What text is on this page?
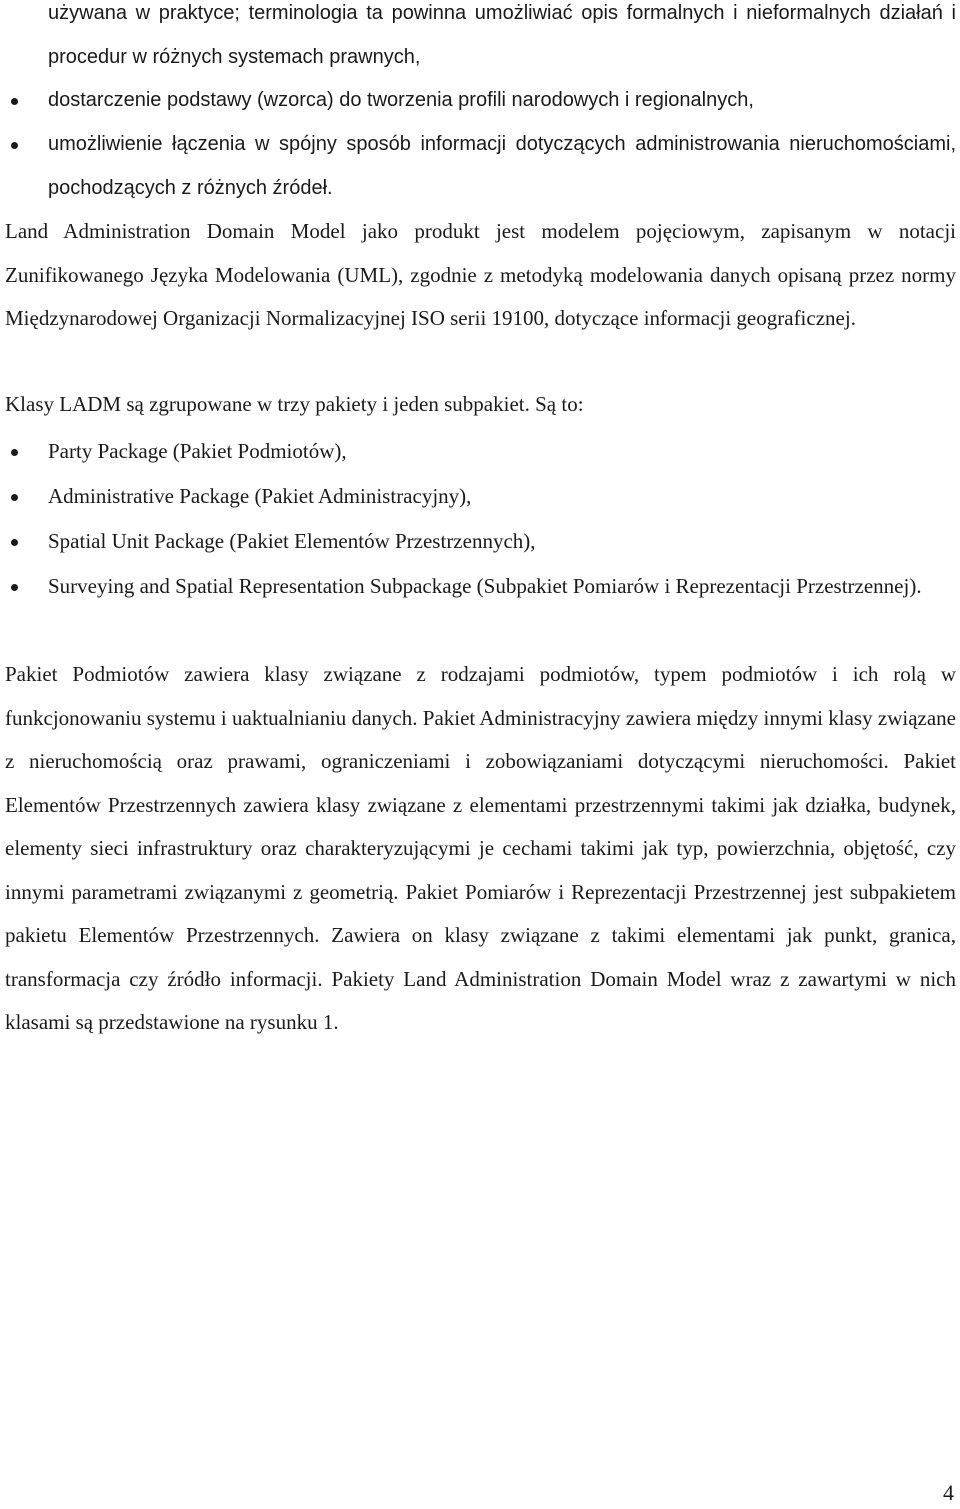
używana w praktyce; terminologia ta powinna umożliwiać opis formalnych i nieformalnych działań i procedur w różnych systemach prawnych,
dostarczenie podstawy (wzorca) do tworzenia profili narodowych i regionalnych,
umożliwienie łączenia w spójny sposób informacji dotyczących administrowania nieruchomościami, pochodzących z różnych źródeł.

Land Administration Domain Model jako produkt jest modelem pojęciowym, zapisanym w notacji Zunifikowanego Języka Modelowania (UML), zgodnie z metodyką modelowania danych opisaną przez normy Międzynarodowej Organizacji Normalizacyjnej ISO serii 19100, dotyczące informacji geograficznej.

Klasy LADM są zgrupowane w trzy pakiety i jeden subpakiet. Są to:

Party Package (Pakiet Podmiotów),
Administrative Package (Pakiet Administracyjny),
Spatial Unit Package (Pakiet Elementów Przestrzennych),
Surveying and Spatial Representation Subpackage (Subpakiet Pomiarów i Reprezentacji Przestrzennej).

Pakiet Podmiotów zawiera klasy związane z rodzajami podmiotów, typem podmiotów i ich rolą w funkcjonowaniu systemu i uaktualnianiu danych. Pakiet Administracyjny zawiera między innymi klasy związane z nieruchomością oraz prawami, ograniczeniami i zobowiązaniami dotyczącymi nieruchomości. Pakiet Elementów Przestrzennych zawiera klasy związane z elementami przestrzennymi takimi jak działka, budynek, elementy sieci infrastruktury oraz charakteryzującymi je cechami takimi jak typ, powierzchnia, objętość, czy innymi parametrami związanymi z geometrią. Pakiet Pomiarów i Reprezentacji Przestrzennej jest subpakietem pakietu Elementów Przestrzennych. Zawiera on klasy związane z takimi elementami jak punkt, granica, transformacja czy źródło informacji. Pakiety Land Administration Domain Model wraz z zawartymi w nich klasami są przedstawione na rysunku 1.

4
